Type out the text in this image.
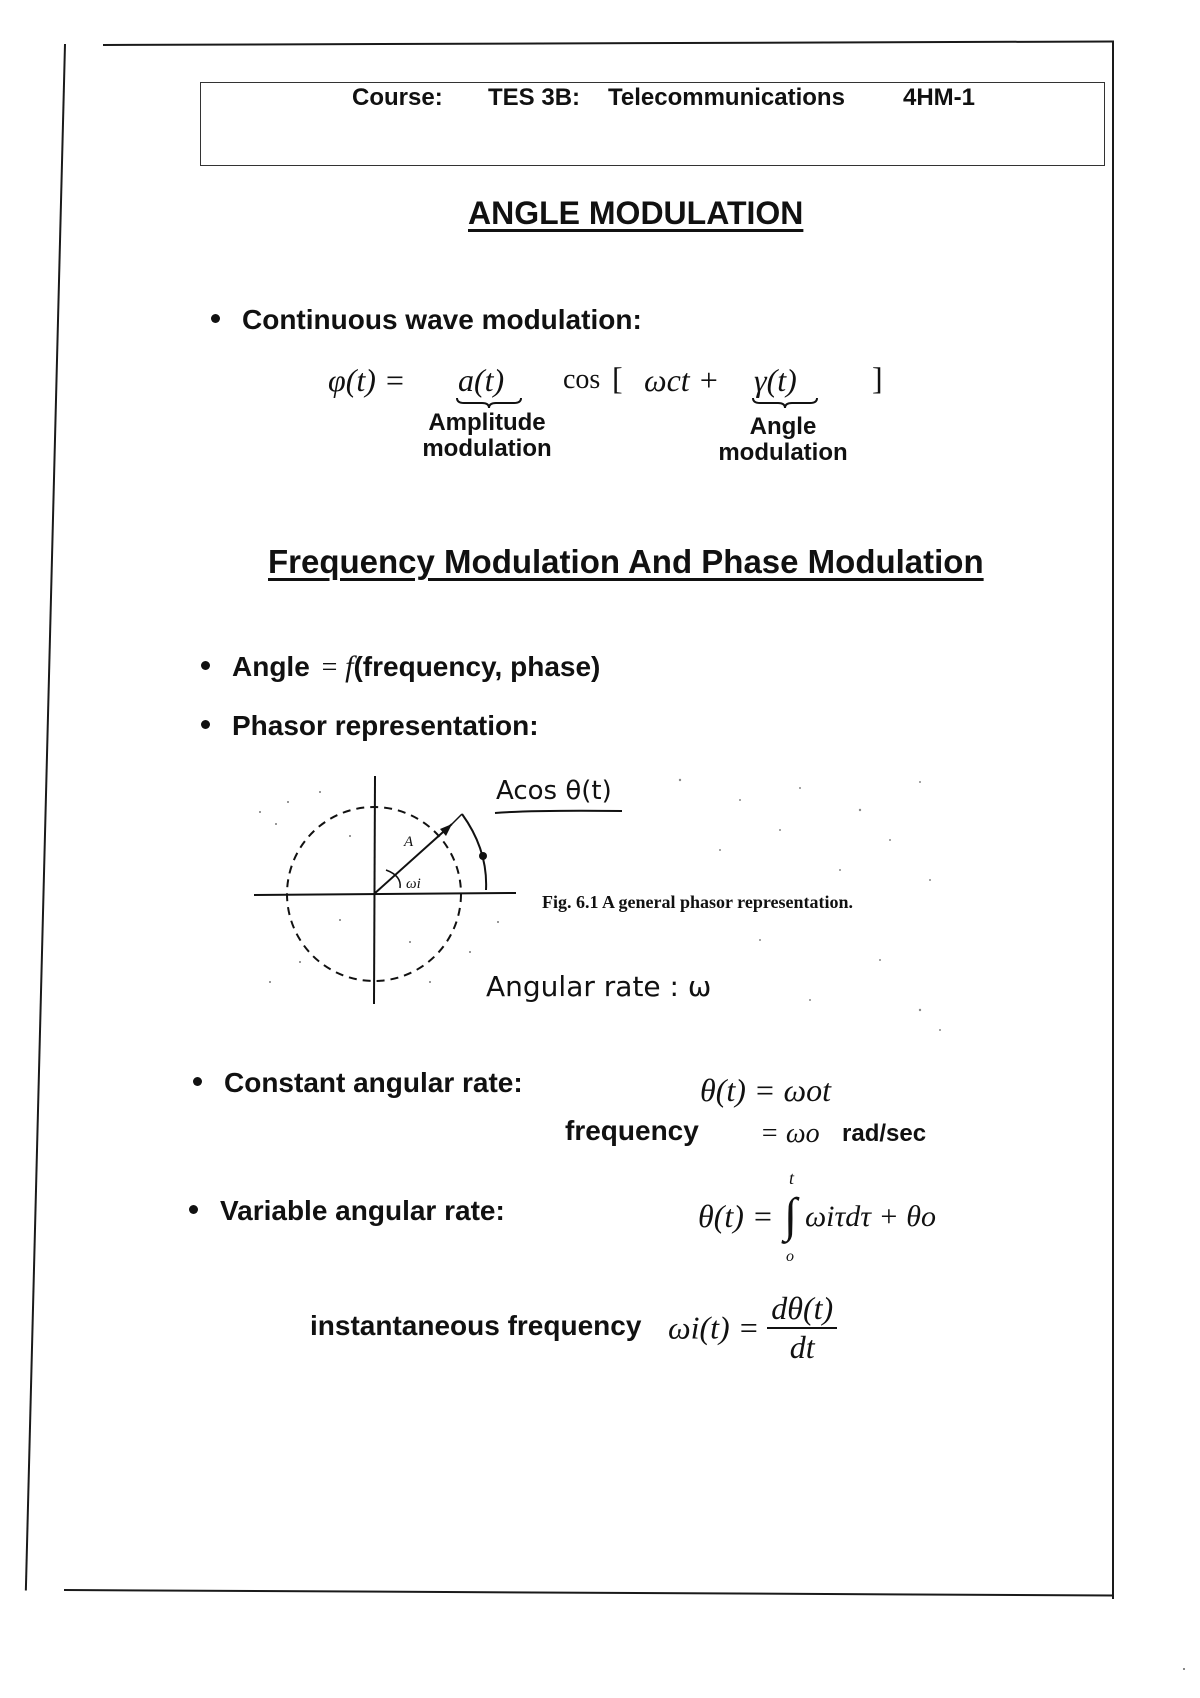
Course: TES 3B: Telecommunications 4HM-1
ANGLE MODULATION
Continuous wave modulation:
φ(t) = a(t) cos [ ωct + γ(t) ]
Amplitude
modulation
Angle
modulation
Frequency Modulation And Phase Modulation
Angle = f(frequency, phase)
Phasor representation:
A
ωi
Acos θ(t)
Fig. 6.1 A general phasor representation.
Angular rate : ω
Constant angular rate:	θ(t) = ωot
frequency = ωo rad/sec
Variable angular rate:	θ(t) = ∫
t
o
ωiτdτ + θo
instantaneous frequency $\omega i(t) = \frac{d\theta(t)}{dt}$
